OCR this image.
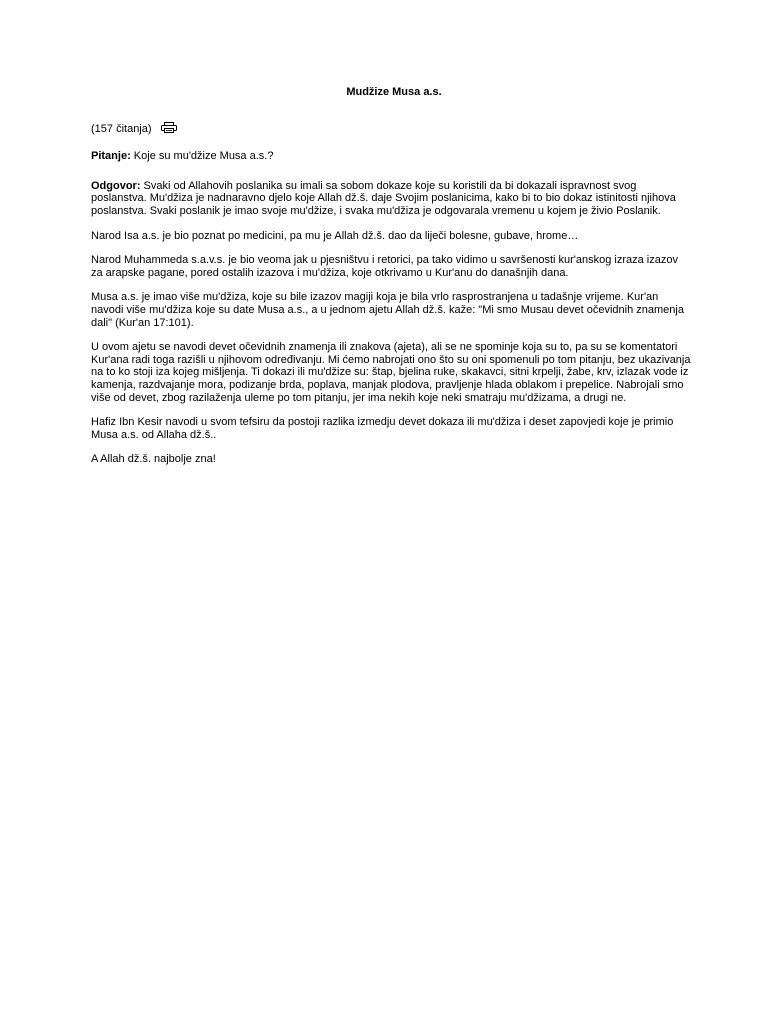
Mudžize Musa a.s.
(157 čitanja)

Pitanje: Koje su mu'džize Musa a.s.?

Odgovor: Svaki od Allahovih poslanika su imali sa sobom dokaze koje su koristili da bi dokazali ispravnost svog poslanstva. Mu'džiza je nadnaravno djelo koje Allah dž.š. daje Svojim poslanicima, kako bi to bio dokaz istinitosti njihova poslanstva. Svaki poslanik je imao svoje mu'džize, i svaka mu'džiza je odgovarala vremenu u kojem je živio Poslanik.

Narod Isa a.s. je bio poznat po medicini, pa mu je Allah dž.š. dao da liječi bolesne, gubave, hrome…

Narod Muhammeda s.a.v.s. je bio veoma jak u pjesništvu i retorici, pa tako vidimo u savršenosti kur'anskog izraza izazov za arapske pagane, pored ostalih izazova i mu'džiza, koje otkrivamo u Kur'anu do današnjih dana.

Musa a.s. je imao više mu'džiza, koje su bile izazov magiji koja je bila vrlo rasprostranjena u tadašnje vrijeme. Kur'an navodi više mu'džiza koje su date Musa a.s., a u jednom ajetu Allah dž.š. kaže: "Mi smo Musau devet očevidnih znamenja dali" (Kur'an 17:101).

U ovom ajetu se navodi devet očevidnih znamenja ili znakova (ajeta), ali se ne spominje koja su to, pa su se komentatori Kur'ana radi toga razišli u njihovom određivanju. Mi ćemo nabrojati ono što su oni spomenuli po tom pitanju, bez ukazivanja na to ko stoji iza kojeg mišljenja. Ti dokazi ili mu'džize su: štap, bjelina ruke, skakavci, sitni krpelji, žabe, krv, izlazak vode iz kamenja, razdvajanje mora, podizanje brda, poplava, manjak plodova, pravljenje hlada oblakom i prepelice. Nabrojali smo više od devet, zbog razilaženja uleme po tom pitanju, jer ima nekih koje neki smatraju mu'džizama, a drugi ne.

Hafiz Ibn Kesir navodi u svom tefsiru da postoji razlika izmedju devet dokaza ili mu'džiza i deset zapovjedi koje je primio Musa a.s. od Allaha dž.š..

A Allah dž.š. najbolje zna!
